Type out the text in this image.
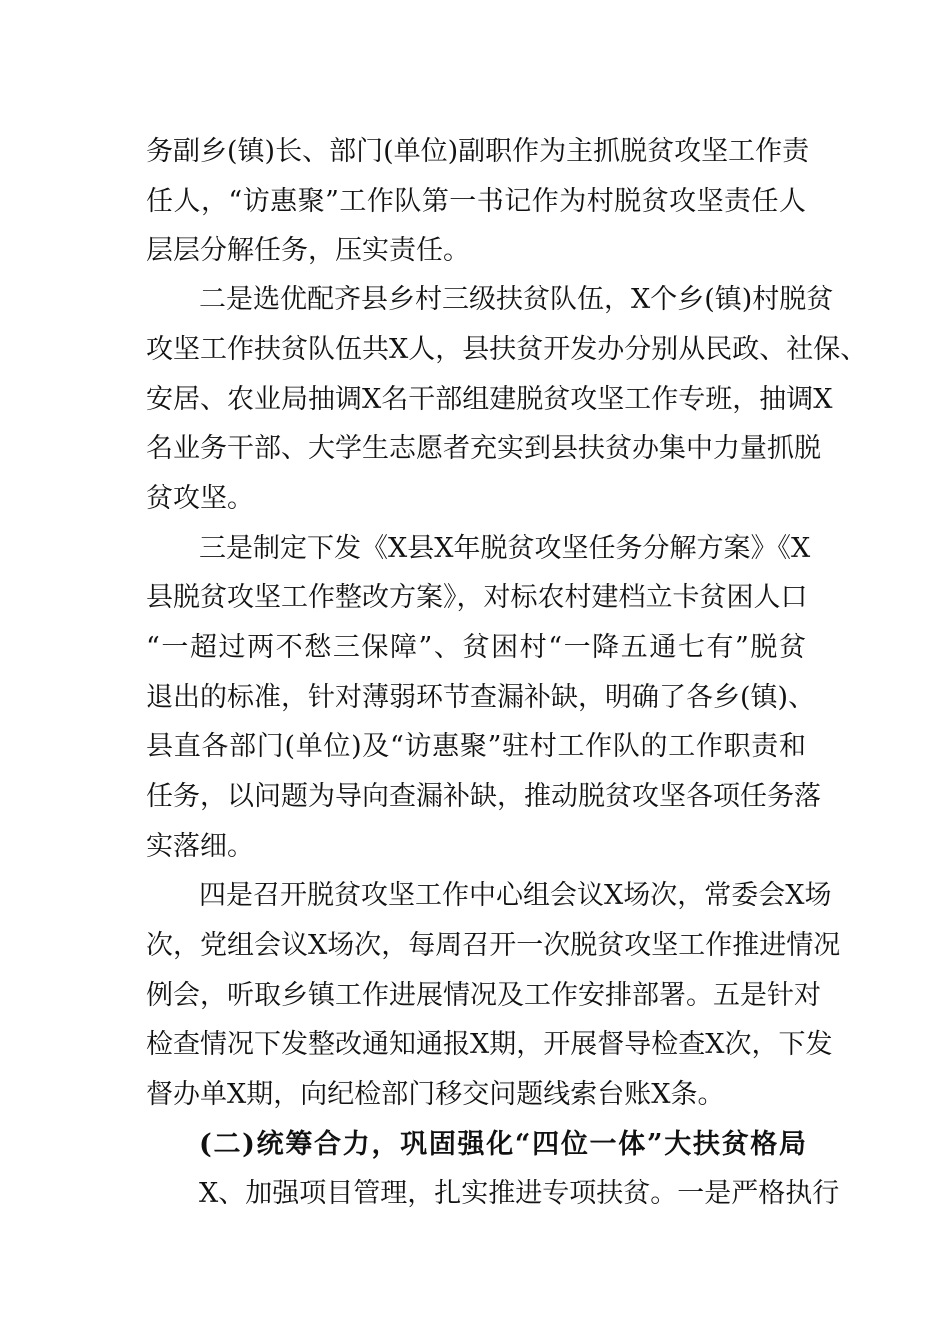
务副乡(镇)长、部门(单位)副职作为主抓脱贫攻坚工作责
任人，“访惠聚”工作队第一书记作为村脱贫攻坚责任人
层层分解任务，压实责任。
二是选优配齐县乡村三级扶贫队伍，X个乡(镇)村脱贫
攻坚工作扶贫队伍共X人，县扶贫开发办分别从民政、社保、
安居、农业局抽调X名干部组建脱贫攻坚工作专班，抽调X
名业务干部、大学生志愿者充实到县扶贫办集中力量抓脱
贫攻坚。
三是制定下发《X县X年脱贫攻坚任务分解方案》《X
县脱贫攻坚工作整改方案》，对标农村建档立卡贫困人口
“一超过两不愁三保障”、贫困村“一降五通七有”脱贫
退出的标准，针对薄弱环节查漏补缺，明确了各乡(镇)、
县直各部门(单位)及“访惠聚”驻村工作队的工作职责和
任务，以问题为导向查漏补缺，推动脱贫攻坚各项任务落
实落细。
四是召开脱贫攻坚工作中心组会议X场次，常委会X场
次，党组会议X场次，每周召开一次脱贫攻坚工作推进情况
例会，听取乡镇工作进展情况及工作安排部署。五是针对
检查情况下发整改通知通报X期，开展督导检查X次，下发
督办单X期，向纪检部门移交问题线索台账X条。
(二)统筹合力，巩固强化“四位一体”大扶贫格局
X、加强项目管理，扎实推进专项扶贫。一是严格执行
